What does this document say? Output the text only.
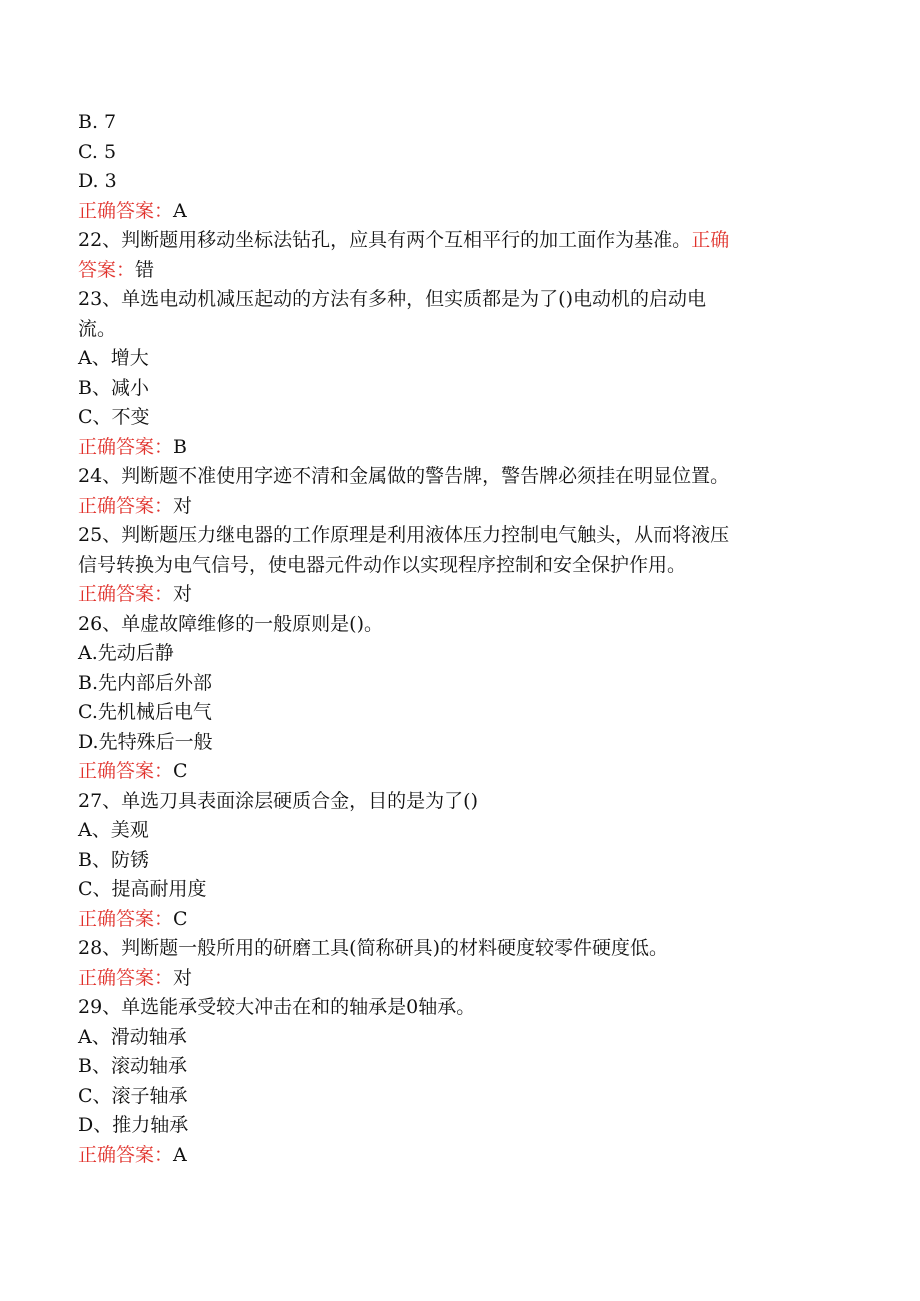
B. 7
C. 5
D. 3
正确答案：A
22、判断题用移动坐标法钻孔，应具有两个互相平行的加工面作为基准。正确
答案：错
23、单选电动机减压起动的方法有多种，但实质都是为了()电动机的启动电
流。
A、增大
B、减小
C、不变
正确答案：B
24、判断题不准使用字迹不清和金属做的警告牌，警告牌必须挂在明显位置。
正确答案：对
25、判断题压力继电器的工作原理是利用液体压力控制电气触头，从而将液压
信号转换为电气信号，使电器元件动作以实现程序控制和安全保护作用。
正确答案：对
26、单虚故障维修的一般原则是()。
A.先动后静
B.先内部后外部
C.先机械后电气
D.先特殊后一般
正确答案：C
27、单选刀具表面涂层硬质合金，目的是为了()
A、美观
B、防锈
C、提高耐用度
正确答案：C
28、判断题一般所用的研磨工具(简称研具)的材料硬度较零件硬度低。
正确答案：对
29、单选能承受较大冲击在和的轴承是0轴承。
A、滑动轴承
B、滚动轴承
C、滚子轴承
D、推力轴承
正确答案：A
